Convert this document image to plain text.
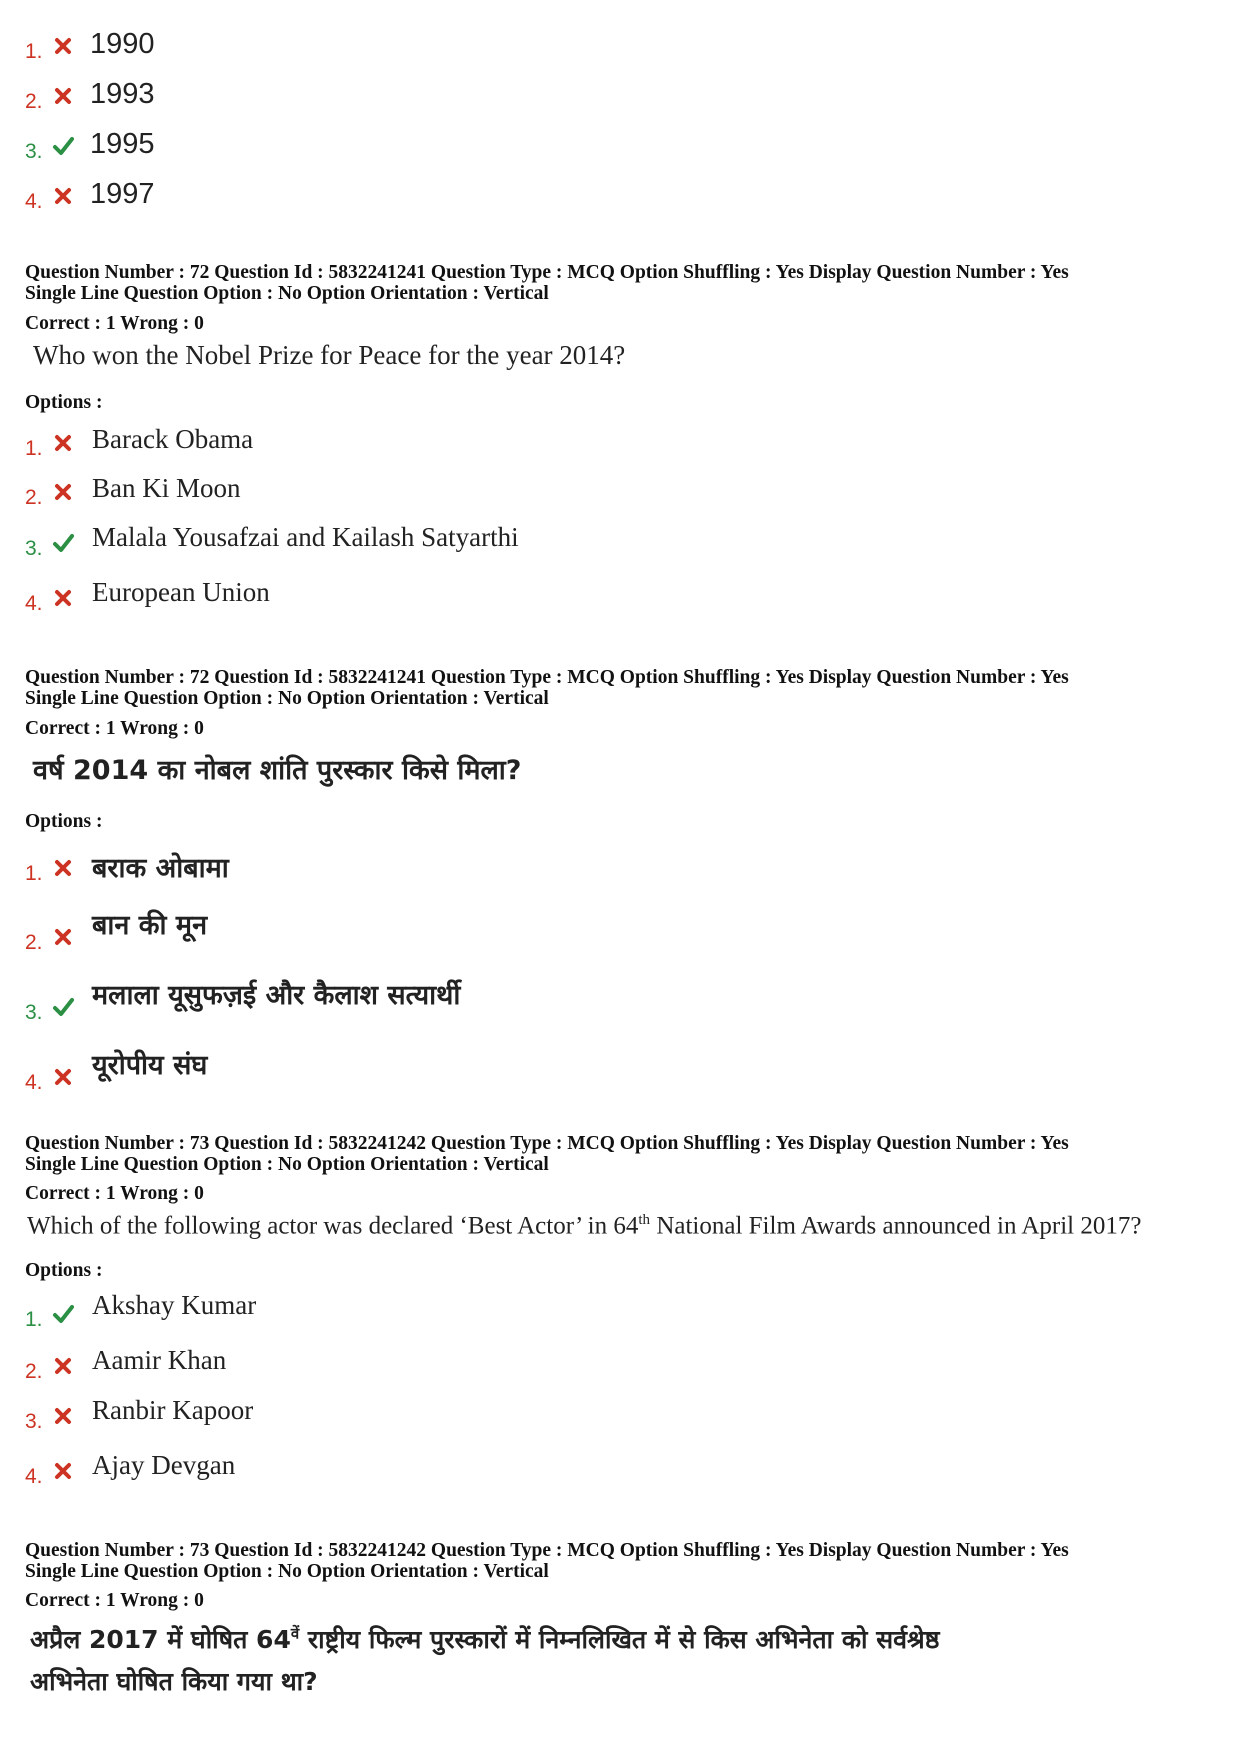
1. 1990
2. 1993
3. 1995
4. 1997
Question Number : 72 Question Id : 5832241241 Question Type : MCQ Option Shuffling : Yes Display Question Number : Yes
Single Line Question Option : No Option Orientation : Vertical
Correct : 1 Wrong : 0
Who won the Nobel Prize for Peace for the year 2014?
Options :
1. Barack Obama
2. Ban Ki Moon
3. Malala Yousafzai and Kailash Satyarthi
4. European Union
Question Number : 72 Question Id : 5832241241 Question Type : MCQ Option Shuffling : Yes Display Question Number : Yes
Single Line Question Option : No Option Orientation : Vertical
Correct : 1 Wrong : 0
वर्ष 2014 का नोबल शांति पुरस्कार किसे मिला?
Options :
1. बराक ओबामा
2.
बान की मून
3.
मलाला यूसुफज़ई और कैलाश सत्यार्थी
4.
यूरोपीय संघ
Question Number : 73 Question Id : 5832241242 Question Type : MCQ Option Shuffling : Yes Display Question Number : Yes
Single Line Question Option : No Option Orientation : Vertical
Correct : 1 Wrong : 0
Which of the following actor was declared ‘Best Actor’ in 64th National Film Awards announced in April 2017?
Options :
1. Akshay Kumar
2. Aamir Khan
3. Ranbir Kapoor
4. Ajay Devgan
Question Number : 73 Question Id : 5832241242 Question Type : MCQ Option Shuffling : Yes Display Question Number : Yes
Single Line Question Option : No Option Orientation : Vertical
Correct : 1 Wrong : 0
अप्रैल 2017 में घोषित $64^{वें}$ राष्ट्रीय फिल्म पुरस्कारों में निम्नलिखित में से किस अभिनेता को सर्वश्रेष्ठ
अभिनेता घोषित किया गया था?
